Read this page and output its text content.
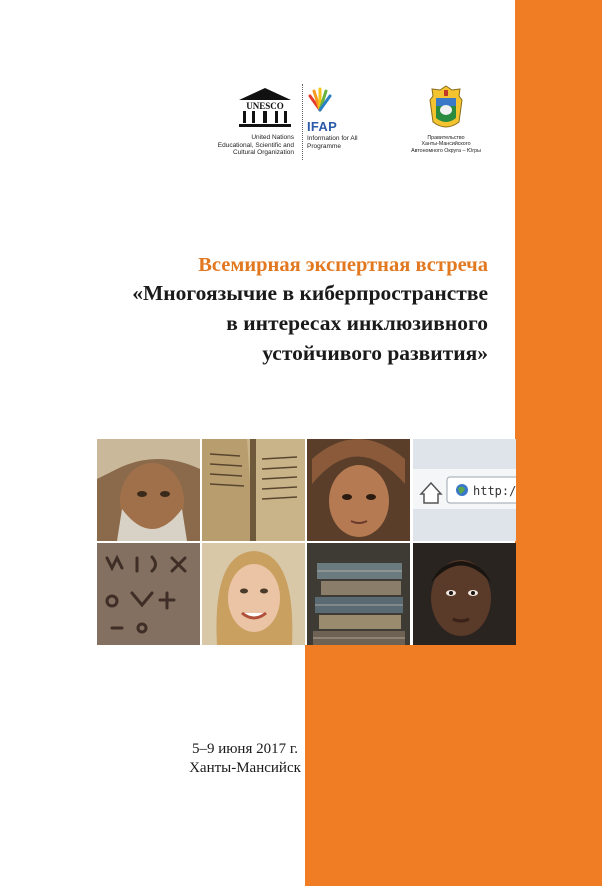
UNESCO
United Nations
Educational, Scientific and
Cultural Organization
IFAP
Information for All
Programme
Правительство
Ханты-Мансийского
Автономного Округа – Югры
Всемирная экспертная встреча
«Многоязычие в киберпространстве
в интересах инклюзивного
устойчивого развития»
http:/
5–9 июня 2017 г.
Ханты-Мансийск
